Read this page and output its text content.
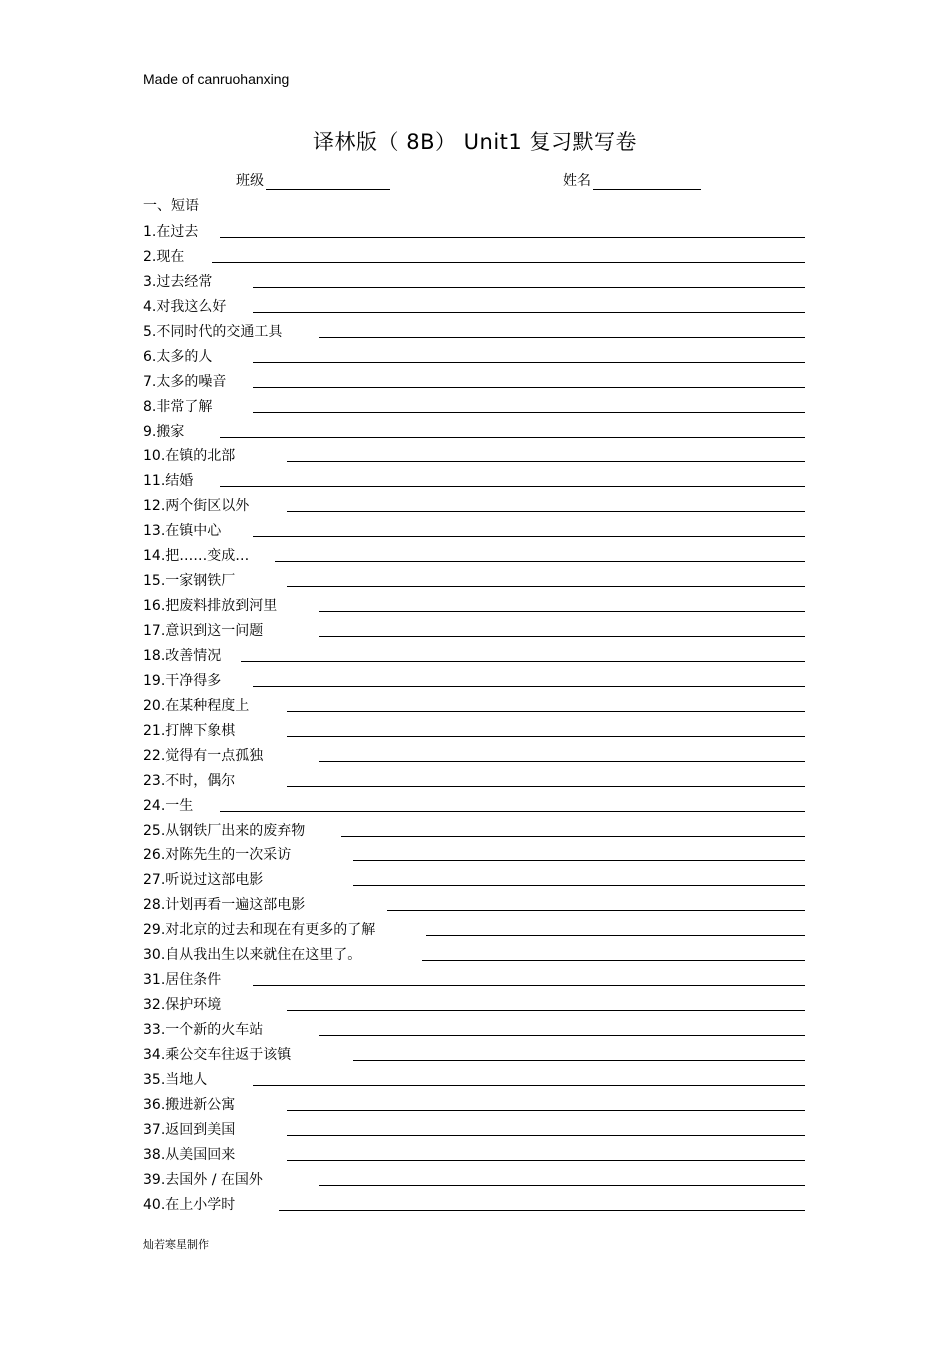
Made of canruohanxing
译林版（ 8B） Unit1 复习默写卷
班级	姓名
一、短语
1.在过去
2.现在
3.过去经常
4.对我这么好
5.不同时代的交通工具
6.太多的人
7.太多的噪音
8.非常了解
9.搬家
10.在镇的北部
11.结婚
12.两个街区以外
13.在镇中心
14.把……变成…
15.一家钢铁厂
16.把废料排放到河里
17.意识到这一问题
18.改善情况
19.干净得多
20.在某种程度上
21.打牌下象棋
22.觉得有一点孤独
23.不时，偶尔
24.一生
25.从钢铁厂出来的废弃物
26.对陈先生的一次采访
27.听说过这部电影
28.计划再看一遍这部电影
29.对北京的过去和现在有更多的了解
30.自从我出生以来就住在这里了。
31.居住条件
32.保护环境
33.一个新的火车站
34.乘公交车往返于该镇
35.当地人
36.搬进新公寓
37.返回到美国
38.从美国回来
39.去国外 / 在国外
40.在上小学时
灿若寒星制作
